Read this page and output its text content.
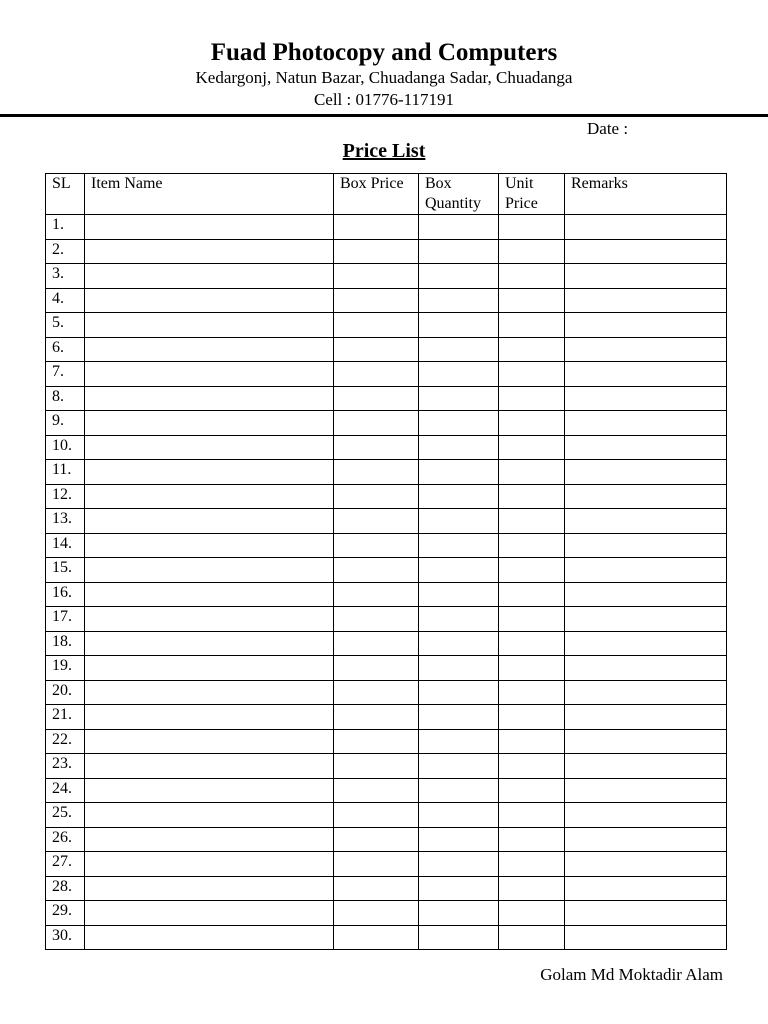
Fuad Photocopy and Computers
Kedargonj, Natun Bazar, Chuadanga Sadar, Chuadanga
Cell : 01776-117191
Date :
Price List
SL	Item Name	Box Price	Box Quantity	Unit Price	Remarks
1.					
2.					
3.					
4.					
5.					
6.					
7.					
8.					
9.					
10.					
11.					
12.					
13.					
14.					
15.					
16.					
17.					
18.					
19.					
20.					
21.					
22.					
23.					
24.					
25.					
26.					
27.					
28.					
29.					
30.					
Golam Md Moktadir Alam
